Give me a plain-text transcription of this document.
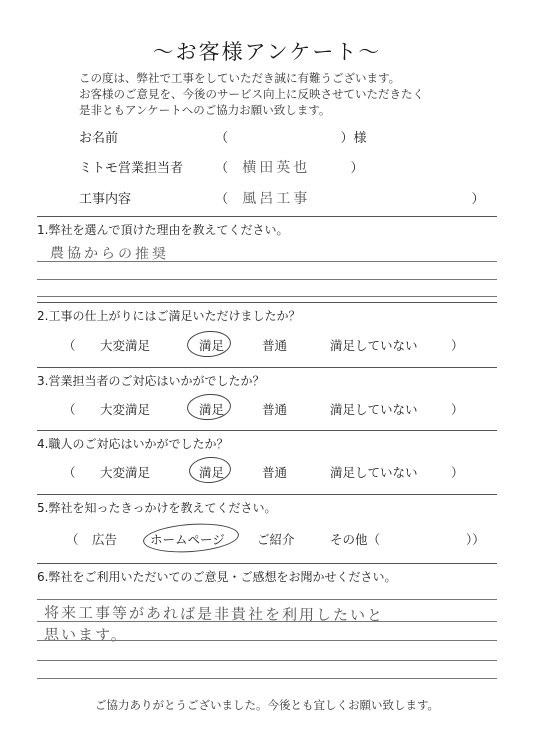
〜お客様アンケート〜
この度は、弊社で工事をしていただき誠に有難うございます。
お客様のご意見を、今後のサービス向上に反映させていただきたく
是非ともアンケートへのご協力お願い致します。
お名前	（	）様
ミトモ営業担当者 （ 横田英也	）
工事内容	（ 風呂工事	）
1.弊社を選んで頂けた理由を教えてください。
農協からの推奨
2.工事の仕上がりにはご満足いただけましたか？
（ 大変満足	満足	普通	満足していない	）
3.営業担当者のご対応はいかがでしたか？
（ 大変満足	満足	普通	満足していない	）
4.職人のご対応はいかがでしたか？
（ 大変満足	満足	普通	満足していない	）
5.弊社を知ったきっかけを教えてください。
（ 広告	ホームページ	ご紹介	その他（	））
6.弊社をご利用いただいてのご意見・ご感想をお聞かせください。
将来工事等があれば是非貴社を利用したいと
思います。
ご協力ありがとうございました。今後とも宜しくお願い致します。
